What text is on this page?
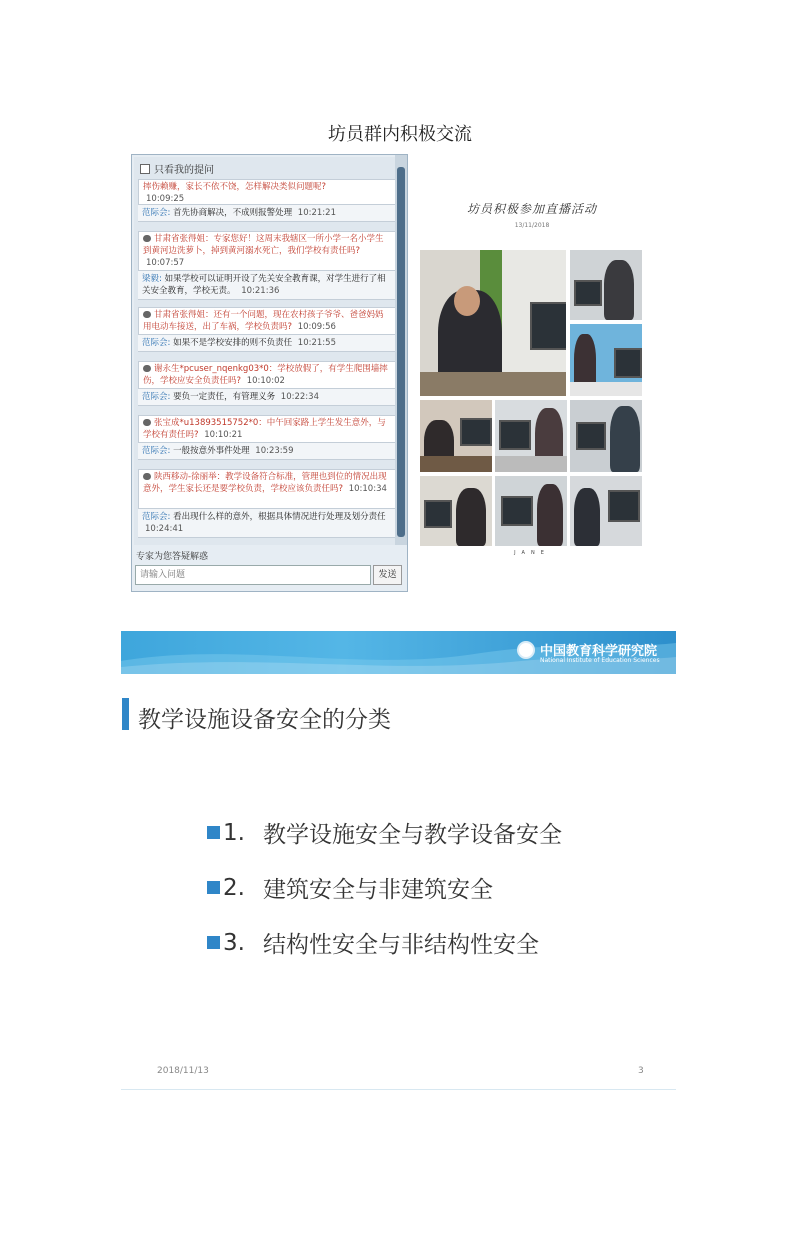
坊员群内积极交流
只看我的提问
摔伤赖赚，家长不依不饶，怎样解决类似问题呢?
10:09:25
范际会: 首先协商解决，不成则报警处理 10:21:21
甘肃省张得姐：专家您好！这周末我辖区一所小学一名小学生到黄河边洗萝卜，掉到黄河溺水死亡，我们学校有责任吗? 10:07:57
梁毅: 如果学校可以证明开设了先关安全教育课，对学生进行了相关安全教育，学校无责。 10:21:36
甘肃省张得姐：还有一个问题，现在农村孩子爷爷、爸爸妈妈用电动车接送，出了车祸，学校负责吗? 10:09:56
范际会: 如果不是学校安排的则不负责任 10:21:55
谢永生*pcuser_nqenkg03*0：学校放假了，有学生爬围墙摔伤，学校应安全负责任吗? 10:10:02
范际会: 要负一定责任，有管理义务 10:22:34
张宝成*u13893515752*0：中午回家路上学生发生意外，与学校有责任吗? 10:10:21
范际会: 一般按意外事件处理 10:23:59
陕西移动-徐丽举：教学设备符合标准，管理也到位的情况出现意外，学生家长还是要学校负责，学校应该负责任吗? 10:10:34
范际会: 看出现什么样的意外，根据具体情况进行处理及划分责任 10:24:41
专家为您答疑解惑
请输入问题
发送
坊员积极参加直播活动
13/11/2018
JANE
中国教育科学研究院
National Institute of Education Sciences
教学设施设备安全的分类
1. 教学设施安全与教学设备安全
2. 建筑安全与非建筑安全
3. 结构性安全与非结构性安全
2018/11/13	3
